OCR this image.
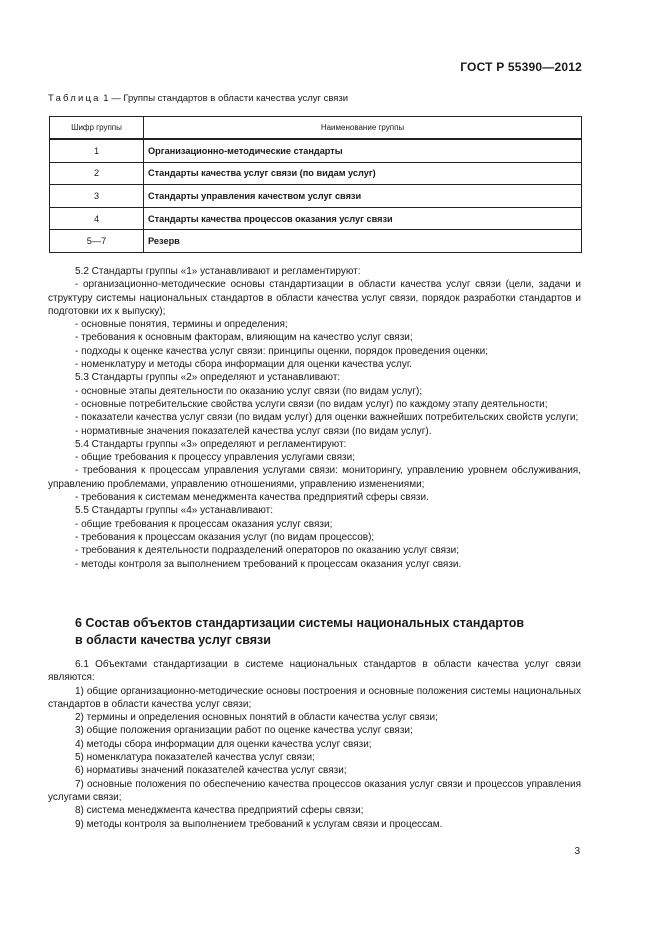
ГОСТ Р 55390—2012
Таблица 1 — Группы стандартов в области качества услуг связи
Шифр группы	Наименование группы
1	Организационно-методические стандарты
2	Стандарты качества услуг связи (по видам услуг)
3	Стандарты управления качеством услуг связи
4	Стандарты качества процессов оказания услуг связи
5—7	Резерв

5.2 Стандарты группы «1» устанавливают и регламентируют:

- организационно-методические основы стандартизации в области качества услуг связи (цели, задачи и структуру системы национальных стандартов в области качества услуг связи, порядок разработки стандартов и подготовки их к выпуску);

- основные понятия, термины и определения;

- требования к основным факторам, влияющим на качество услуг связи;

- подходы к оценке качества услуг связи: принципы оценки, порядок проведения оценки;

- номенклатуру и методы сбора информации для оценки качества услуг.

5.3 Стандарты группы «2» определяют и устанавливают:

- основные этапы деятельности по оказанию услуг связи (по видам услуг);

- основные потребительские свойства услуги связи (по видам услуг) по каждому этапу деятельности;

- показатели качества услуг связи (по видам услуг) для оценки важнейших потребительских свойств услуги;

- нормативные значения показателей качества услуг связи (по видам услуг).

5.4 Стандарты группы «3» определяют и регламентируют:

- общие требования к процессу управления услугами связи;

- требования к процессам управления услугами связи: мониторингу, управлению уровнем обслуживания, управлению проблемами, управлению отношениями, управлению изменениями;

- требования к системам менеджмента качества предприятий сферы связи.

5.5 Стандарты группы «4» устанавливают:

- общие требования к процессам оказания услуг связи;

- требования к процессам оказания услуг (по видам процессов);

- требования к деятельности подразделений операторов по оказанию услуг связи;

- методы контроля за выполнением требований к процессам оказания услуг связи.

6 Состав объектов стандартизации системы национальных стандартов
в области качества услуг связи

6.1 Объектами стандартизации в системе национальных стандартов в области качества услуг связи являются:

1) общие организационно-методические основы построения и основные положения системы национальных стандартов в области качества услуг связи;

2) термины и определения основных понятий в области качества услуг связи;

3) общие положения организации работ по оценке качества услуг связи;

4) методы сбора информации для оценки качества услуг связи;

5) номенклатура показателей качества услуг связи;

6) нормативы значений показателей качества услуг связи;

7) основные положения по обеспечению качества процессов оказания услуг связи и процессов управления услугами связи;

8) система менеджмента качества предприятий сферы связи;

9) методы контроля за выполнением требований к услугам связи и процессам.

3
